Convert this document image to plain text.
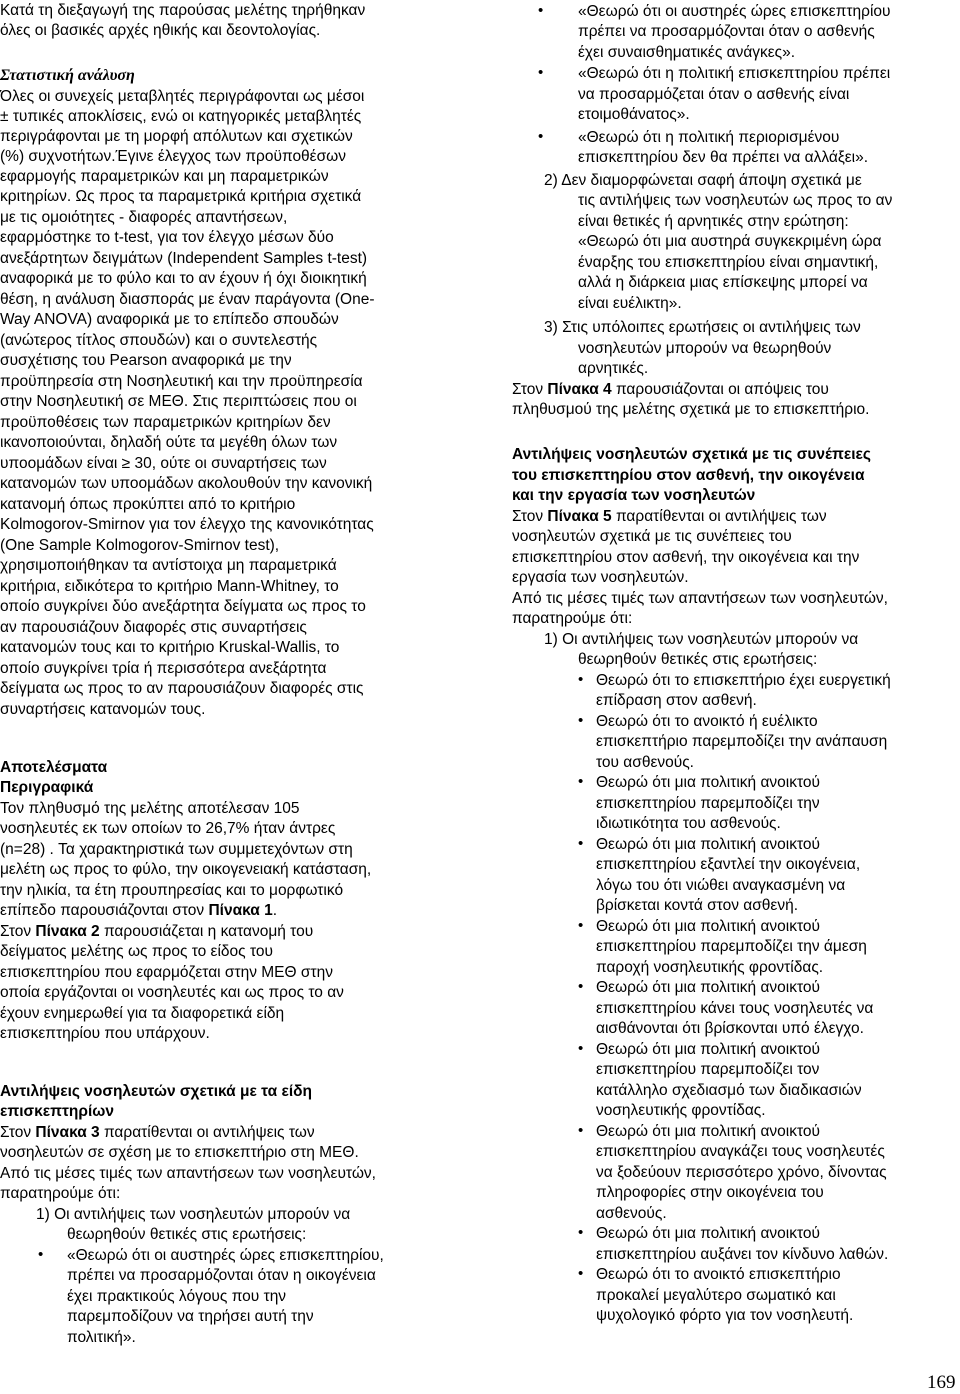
Κατά τη διεξαγωγή της παρούσας μελέτης τηρήθηκαν
όλες οι βασικές αρχές ηθικής και δεοντολογίας.
Στατιστική ανάλυση
Όλες οι συνεχείς μεταβλητές περιγράφονται ως μέσοι
± τυπικές αποκλίσεις, ενώ οι κατηγορικές μεταβλητές
περιγράφονται με τη μορφή απόλυτων και σχετικών
(%) συχνοτήτων.Έγινε έλεγχος των προϋποθέσων
εφαρμογής παραμετρικών και μη παραμετρικών
κριτηρίων. Ως προς τα παραμετρικά κριτήρια σχετικά
με τις ομοιότητες - διαφορές απαντήσεων,
εφαρμόστηκε το t-test, για τον έλεγχο μέσων δύο
ανεξάρτητων δειγμάτων (Independent Samples t-test)
αναφορικά με το φύλο και το αν έχουν ή όχι διοικητική
θέση, η ανάλυση διασποράς με έναν παράγοντα (One-
Way ANOVA) αναφορικά με το επίπεδο σπουδών
(ανώτερος τίτλος σπουδών) και ο συντελεστής
συσχέτισης του Pearson αναφορικά με την
προϋπηρεσία στη Νοσηλευτική και την προϋπηρεσία
στην Νοσηλευτική σε ΜΕΘ. Στις περιπτώσεις που οι
προϋποθέσεις των παραμετρικών κριτηρίων δεν
ικανοποιούνται, δηλαδή ούτε τα μεγέθη όλων των
υποομάδων είναι ≥ 30, ούτε οι συναρτήσεις των
κατανομών των υποομάδων ακολουθούν την κανονική
κατανομή όπως προκύπτει από το κριτήριο
Kolmogorov-Smirnov για τον έλεγχο της κανονικότητας
(One Sample Kolmogorov-Smirnov test),
χρησιμοποιήθηκαν τα αντίστοιχα μη παραμετρικά
κριτήρια, ειδικότερα το κριτήριο Mann-Whitney, το
οποίο συγκρίνει δύο ανεξάρτητα δείγματα ως προς το
αν παρουσιάζουν διαφορές στις συναρτήσεις
κατανομών τους και το κριτήριο Kruskal-Wallis, το
οποίο συγκρίνει τρία ή περισσότερα ανεξάρτητα
δείγματα ως προς το αν παρουσιάζουν διαφορές στις
συναρτήσεις κατανομών τους.
Αποτελέσματα
Περιγραφικά
Τον πληθυσμό της μελέτης αποτέλεσαν 105
νοσηλευτές εκ των οποίων το 26,7% ήταν άντρες
(n=28) . Τα χαρακτηριστικά των συμμετεχόντων στη
μελέτη ως προς το φύλο, την οικογενειακή κατάσταση,
την ηλικία, τα έτη προυπηρεσίας και το μορφωτικό
επίπεδο παρουσιάζονται στον Πίνακα 1.
Στον Πίνακα 2 παρουσιάζεται η κατανομή του
δείγματος μελέτης ως προς το είδος του
επισκεπτηρίου που εφαρμόζεται στην ΜΕΘ στην
οποία εργάζονται οι νοσηλευτές και ως προς το αν
έχουν ενημερωθεί για τα διαφορετικά είδη
επισκεπτηρίου που υπάρχουν.
Αντιλήψεις νοσηλευτών σχετικά με τα είδη
επισκεπτηρίων
Στον Πίνακα 3 παρατίθενται οι αντιλήψεις των
νοσηλευτών σε σχέση με το επισκεπτήριο στη ΜΕΘ.
Από τις μέσες τιμές των απαντήσεων των νοσηλευτών,
παρατηρούμε ότι:
1) Οι αντιλήψεις των νοσηλευτών μπορούν να
θεωρηθούν θετικές στις ερωτήσεις:
• «Θεωρώ ότι οι αυστηρές ώρες επισκεπτηρίου,
πρέπει να προσαρμόζονται όταν η οικογένεια
έχει πρακτικούς λόγους που την
παρεμποδίζουν να τηρήσει αυτή την
πολιτική».
• «Θεωρώ ότι οι αυστηρές ώρες επισκεπτηρίου
πρέπει να προσαρμόζονται όταν ο ασθενής
έχει συναισθηματικές ανάγκες».
• «Θεωρώ ότι η πολιτική επισκεπτηρίου πρέπει
να προσαρμόζεται όταν ο ασθενής είναι
ετοιμοθάνατος».
• «Θεωρώ ότι η πολιτική περιορισμένου
επισκεπτηρίου δεν θα πρέπει να αλλάξει».
2) Δεν διαμορφώνεται σαφή άποψη σχετικά με
τις αντιλήψεις των νοσηλευτών ως προς το αν
είναι θετικές ή αρνητικές στην ερώτηση:
«Θεωρώ ότι μια αυστηρά συγκεκριμένη ώρα
έναρξης του επισκεπτηρίου είναι σημαντική,
αλλά η διάρκεια μιας επίσκεψης μπορεί να
είναι ευέλικτη».
3) Στις υπόλοιπες ερωτήσεις οι αντιλήψεις των
νοσηλευτών μπορούν να θεωρηθούν
αρνητικές.
Στον Πίνακα 4 παρουσιάζονται οι απόψεις του
πληθυσμού της μελέτης σχετικά με το επισκεπτήριο.
Αντιλήψεις νοσηλευτών σχετικά με τις συνέπειες
του επισκεπτηρίου στον ασθενή, την οικογένεια
και την εργασία των νοσηλευτών
Στον Πίνακα 5 παρατίθενται οι αντιλήψεις των
νοσηλευτών σχετικά με τις συνέπειες του
επισκεπτηρίου στον ασθενή, την οικογένεια και την
εργασία των νοσηλευτών.
Από τις μέσες τιμές των απαντήσεων των νοσηλευτών,
παρατηρούμε ότι:
1) Οι αντιλήψεις των νοσηλευτών μπορούν να
θεωρηθούν θετικές στις ερωτήσεις:
• Θεωρώ ότι το επισκεπτήριο έχει ευεργετική
επίδραση στον ασθενή.
• Θεωρώ ότι το ανοικτό ή ευέλικτο
επισκεπτήριο παρεμποδίζει την ανάπαυση
του ασθενούς.
• Θεωρώ ότι μια πολιτική ανοικτού
επισκεπτηρίου παρεμποδίζει την
ιδιωτικότητα του ασθενούς.
• Θεωρώ ότι μια πολιτική ανοικτού
επισκεπτηρίου εξαντλεί την οικογένεια,
λόγω του ότι νιώθει αναγκασμένη να
βρίσκεται κοντά στον ασθενή.
• Θεωρώ ότι μια πολιτική ανοικτού
επισκεπτηρίου παρεμποδίζει την άμεση
παροχή νοσηλευτικής φροντίδας.
• Θεωρώ ότι μια πολιτική ανοικτού
επισκεπτηρίου κάνει τους νοσηλευτές να
αισθάνονται ότι βρίσκονται υπό έλεγχο.
• Θεωρώ ότι μια πολιτική ανοικτού
επισκεπτηρίου παρεμποδίζει τον
κατάλληλο σχεδιασμό των διαδικασιών
νοσηλευτικής φροντίδας.
• Θεωρώ ότι μια πολιτική ανοικτού
επισκεπτηρίου αναγκάζει τους νοσηλευτές
να ξοδεύουν περισσότερο χρόνο, δίνοντας
πληροφορίες στην οικογένεια του
ασθενούς.
• Θεωρώ ότι μια πολιτική ανοικτού
επισκεπτηρίου αυξάνει τον κίνδυνο λαθών.
• Θεωρώ ότι το ανοικτό επισκεπτήριο
προκαλεί μεγαλύτερο σωματικό και
ψυχολογικό φόρτο για τον νοσηλευτή.
169
